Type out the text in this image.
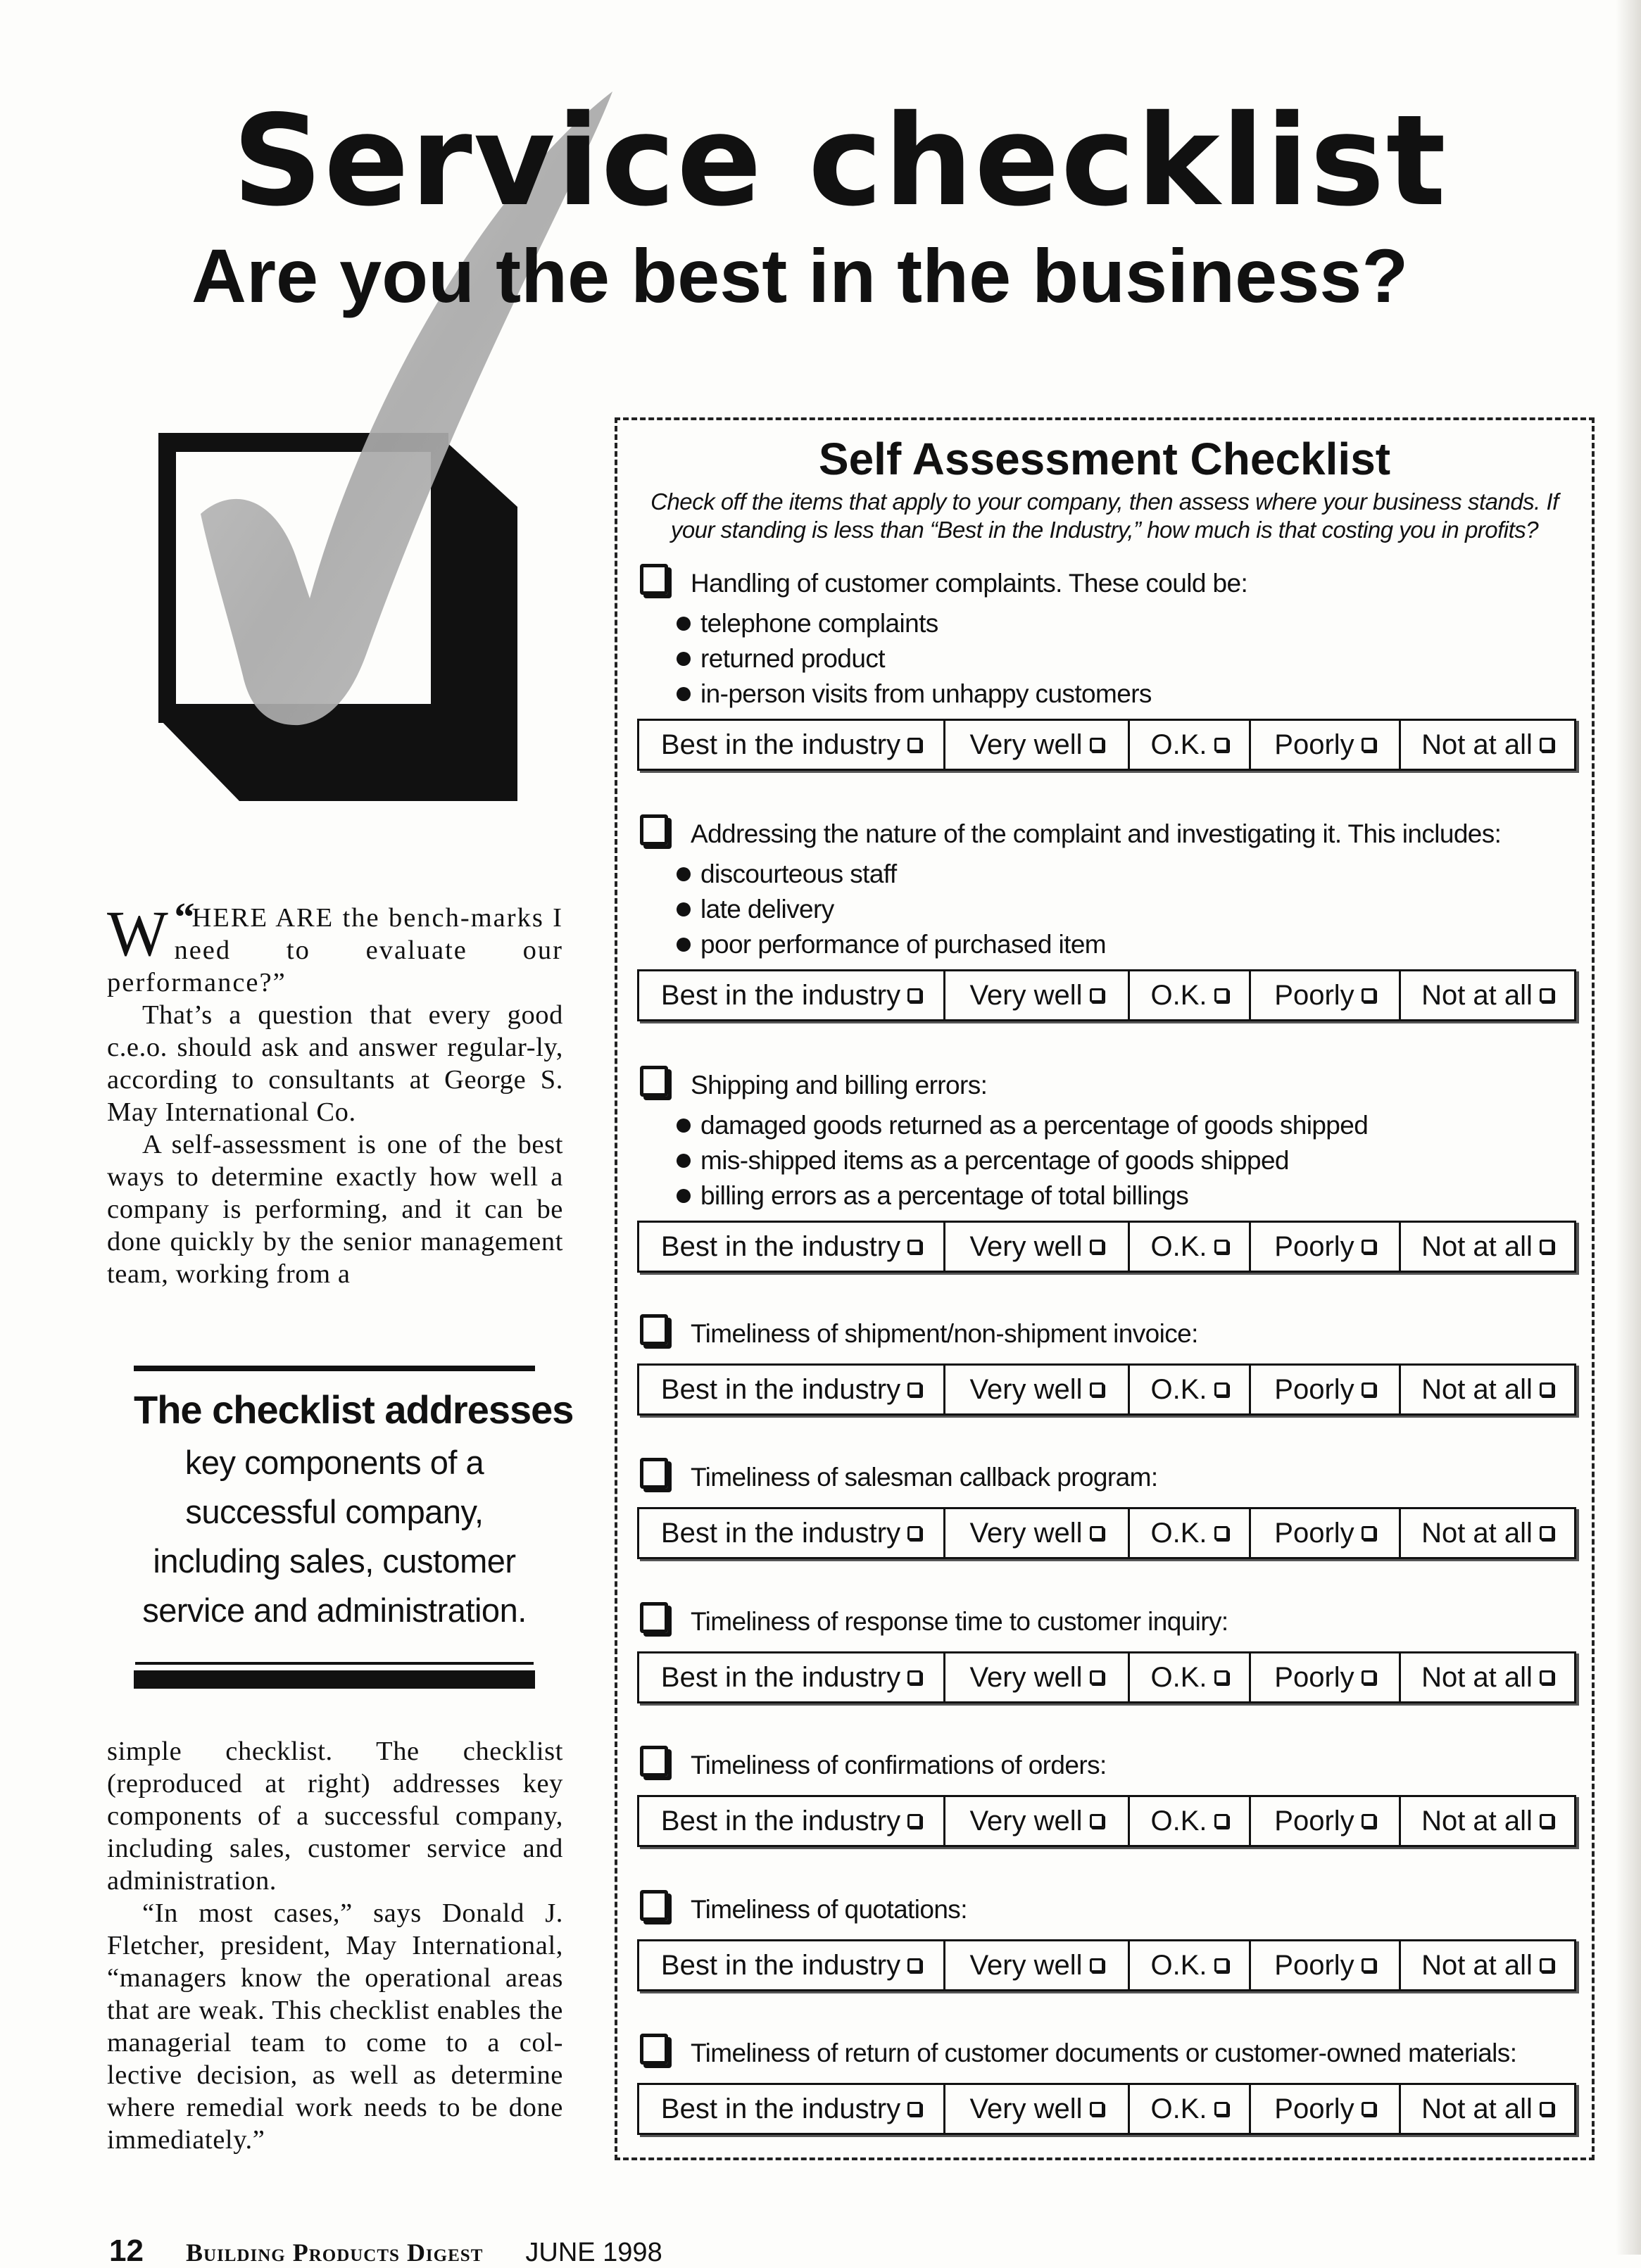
Service checklist
Are you the best in the business?

“
W HERE ARE the bench-marks I need to evaluate our performance?”

That’s a question that every good c.e.o. should ask and answer regular-ly, according to consultants at George S. May International Co.

A self-assessment is one of the best ways to determine exactly how well a company is performing, and it can be done quickly by the senior management team, working from a

The checklist addresses

key components of a successful company, including sales, customer service and administration.

simple checklist. The checklist (reproduced at right) addresses key components of a successful company, including sales, customer service and administration.

“In most cases,” says Donald J. Fletcher, president, May International, “managers know the operational areas that are weak. This checklist enables the managerial team to come to a col-lective decision, as well as determine where remedial work needs to be done immediately.”

Self Assessment Checklist

Check off the items that apply to your company, then assess where your business stands. If your standing is less than “Best in the Industry,” how much is that costing you in profits?

Handling of customer complaints. These could be:
telephone complaints
returned product
in-person visits from unhappy customers
Best in the industry Very well O.K. Poorly Not at all
Addressing the nature of the complaint and investigating it. This includes:
discourteous staff
late delivery
poor performance of purchased item
Best in the industry Very well O.K. Poorly Not at all
Shipping and billing errors:
damaged goods returned as a percentage of goods shipped
mis-shipped items as a percentage of goods shipped
billing errors as a percentage of total billings
Best in the industry Very well O.K. Poorly Not at all
Timeliness of shipment/non-shipment invoice:
Best in the industry Very well O.K. Poorly Not at all
Timeliness of salesman callback program:
Best in the industry Very well O.K. Poorly Not at all
Timeliness of response time to customer inquiry:
Best in the industry Very well O.K. Poorly Not at all
Timeliness of confirmations of orders:
Best in the industry Very well O.K. Poorly Not at all
Timeliness of quotations:
Best in the industry Very well O.K. Poorly Not at all
Timeliness of return of customer documents or customer-owned materials:
Best in the industry Very well O.K. Poorly Not at all
12 Building Products Digest JUNE 1998
